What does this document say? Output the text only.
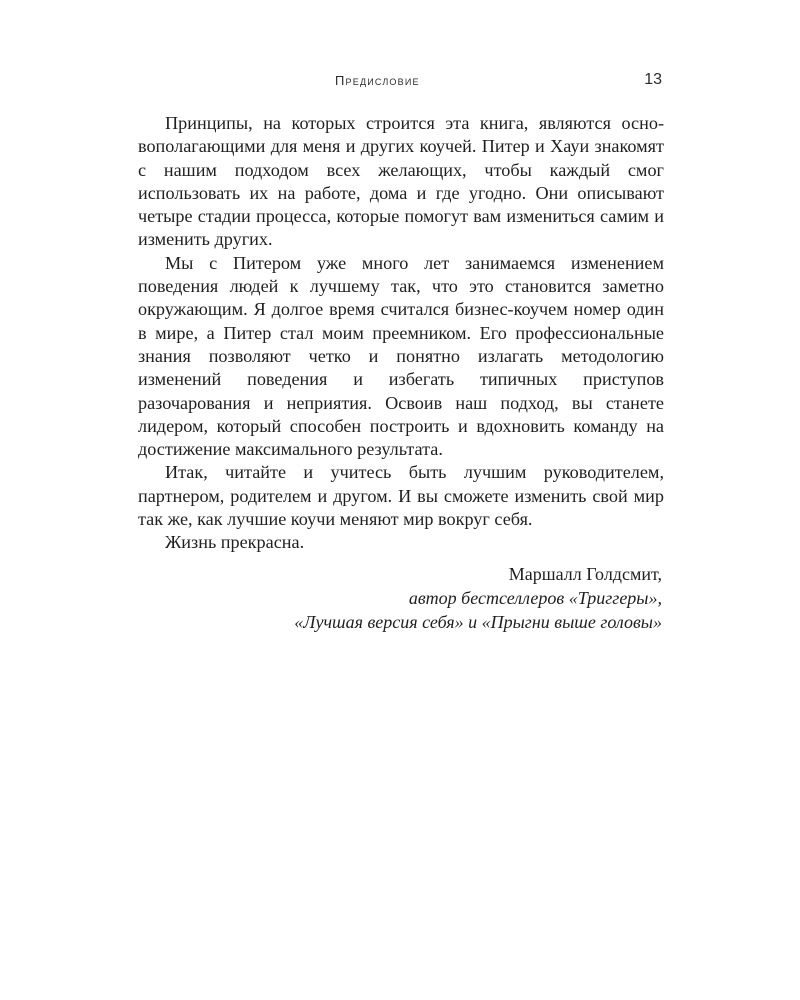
Предисловие	13

Принципы, на которых строится эта книга, являются основополагающими для меня и других коучей. Питер и Хауи знакомят с нашим подходом всех желающих, чтобы каждый смог использовать их на работе, дома и где угодно. Они описывают четыре стадии процесса, которые помогут вам измениться самим и изменить других.

Мы с Питером уже много лет занимаемся изменением поведения людей к лучшему так, что это становится заметно окружающим. Я долгое время считался бизнес-коучем номер один в мире, а Питер стал моим преемником. Его профессиональные знания позволяют четко и понятно излагать методологию изменений поведения и избегать типичных приступов разочарования и неприятия. Освоив наш подход, вы станете лидером, который способен построить и вдохновить команду на достижение максимального результата.

Итак, читайте и учитесь быть лучшим руководителем, партнером, родителем и другом. И вы сможете изменить свой мир так же, как лучшие коучи меняют мир вокруг себя.

Жизнь прекрасна.

Маршалл Голдсмит,
автор бестселлеров «Триггеры»,
«Лучшая версия себя» и «Прыгни выше головы»
